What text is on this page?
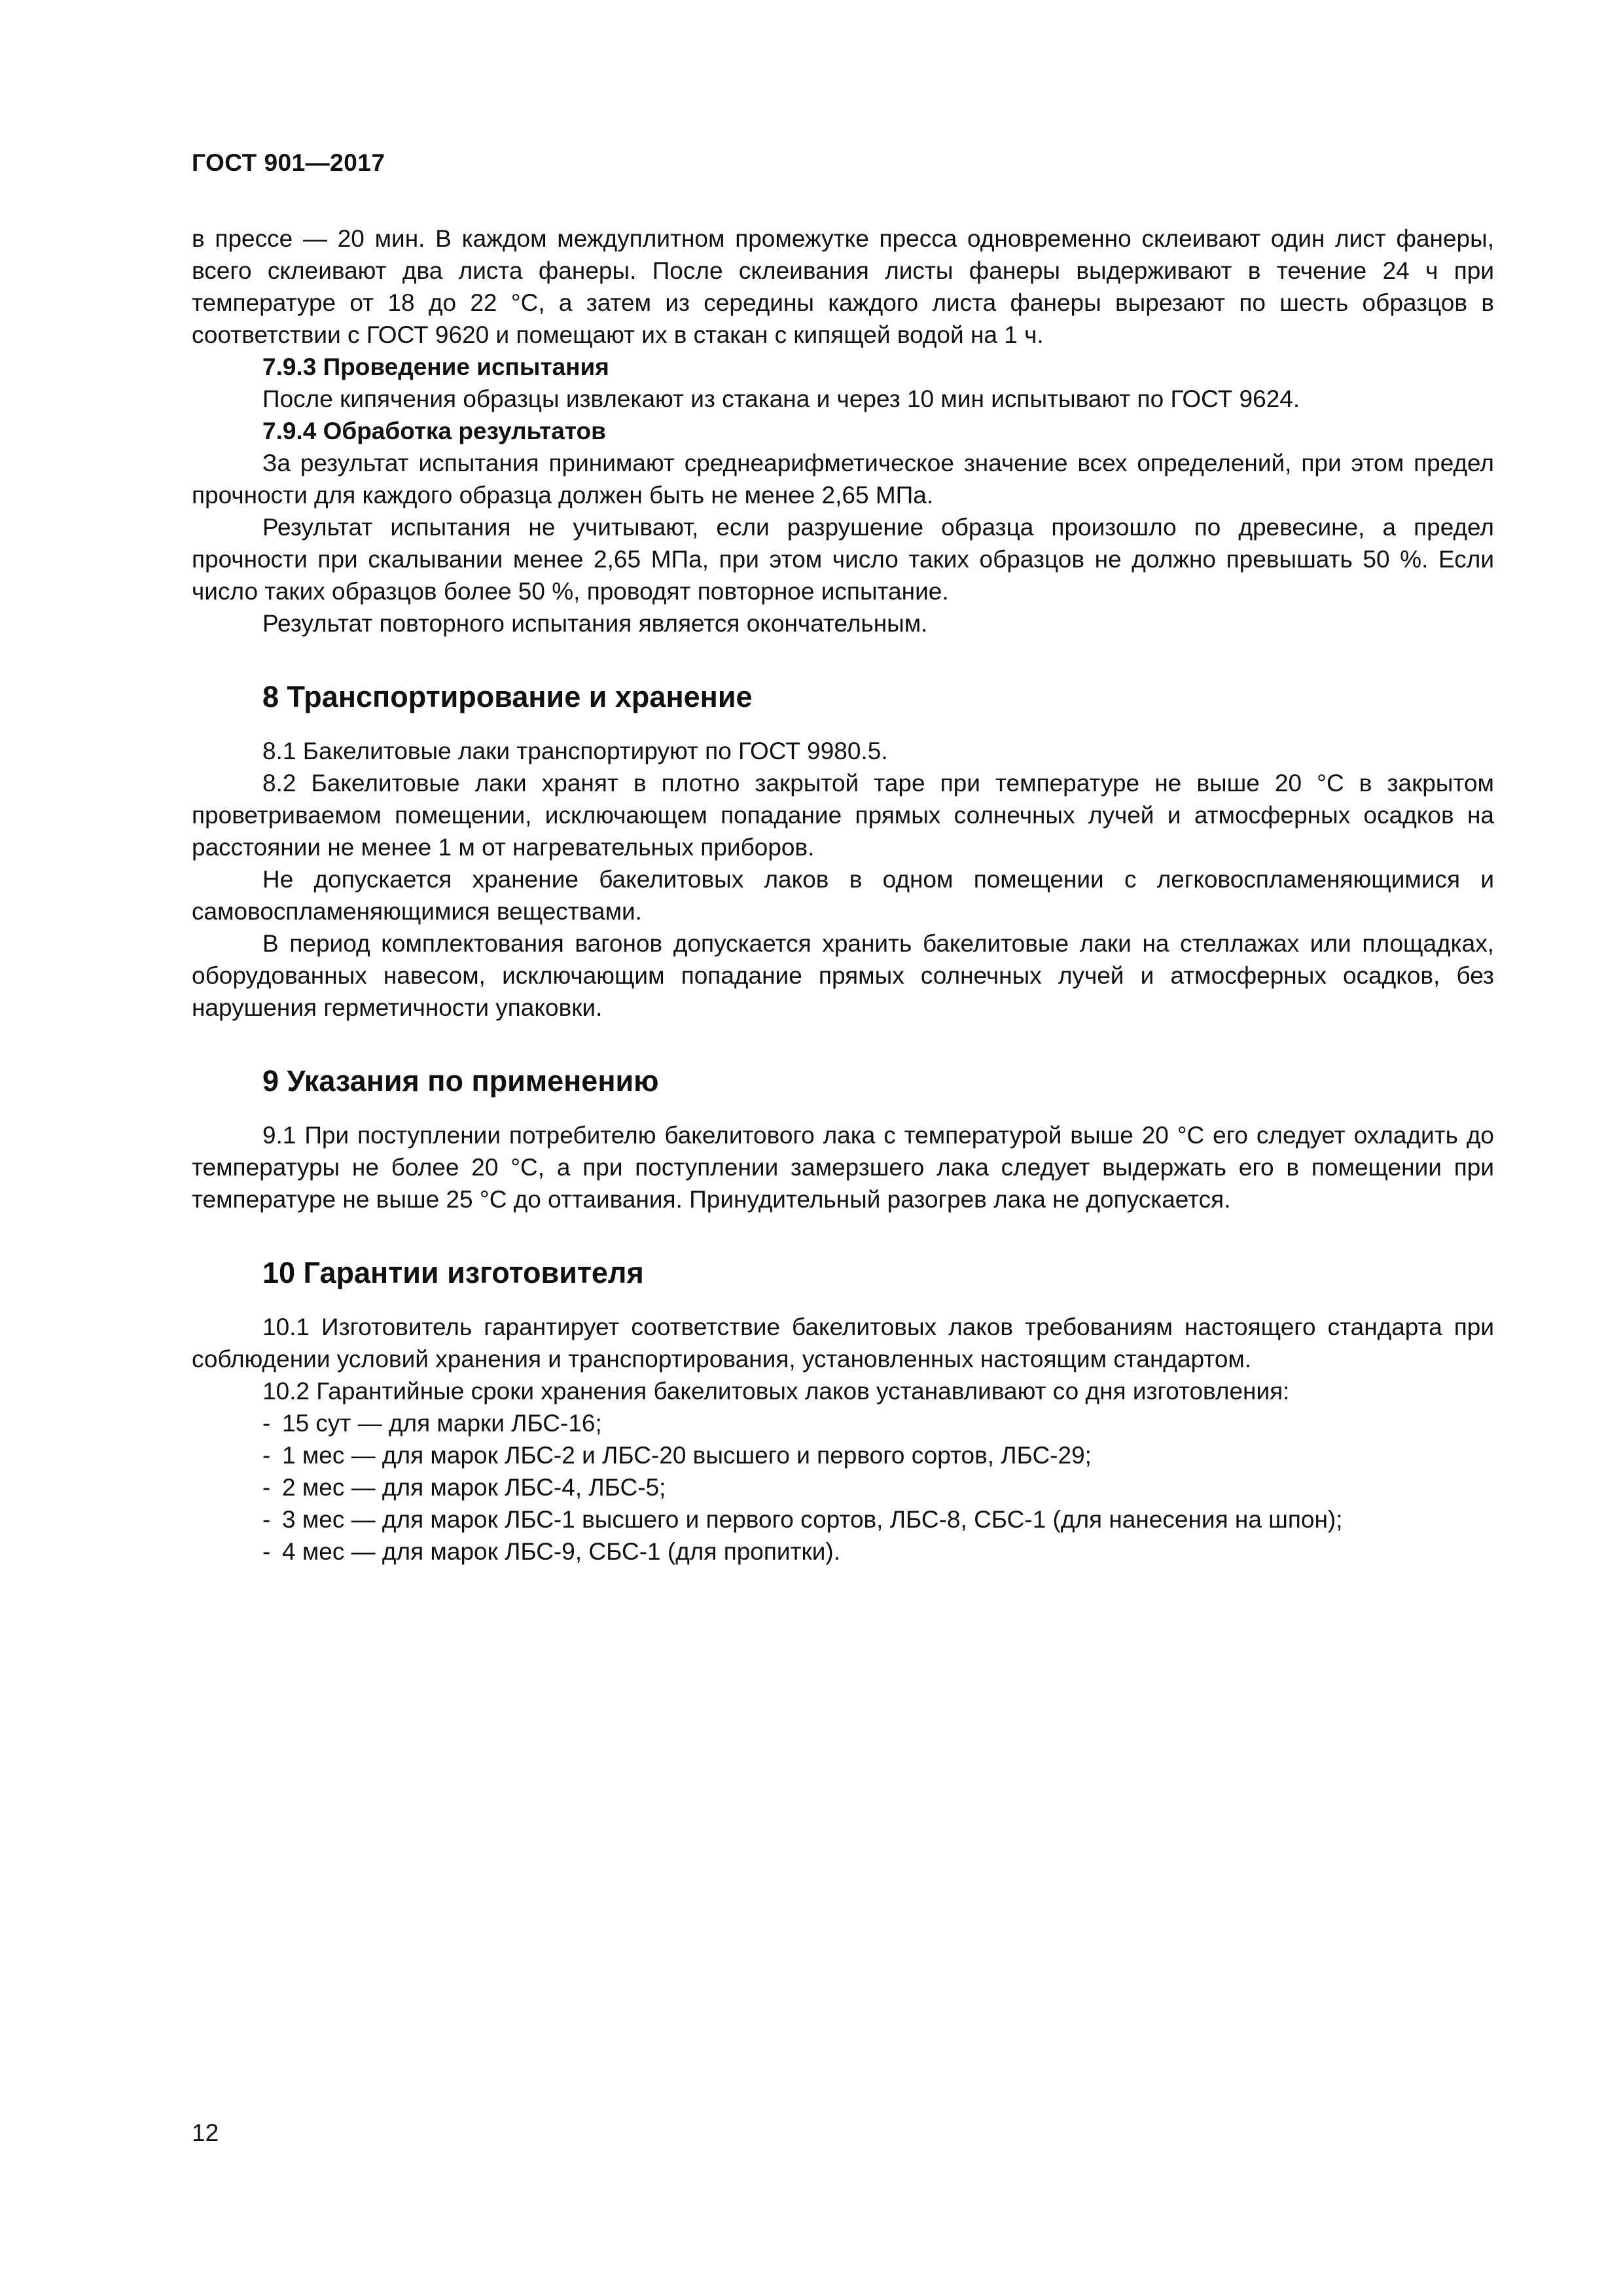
ГОСТ 901—2017

в прессе — 20 мин. В каждом междуплитном промежутке пресса одновременно склеивают один лист фанеры, всего склеивают два листа фанеры. После склеивания листы фанеры выдерживают в течение 24 ч при температуре от 18 до 22 °С, а затем из середины каждого листа фанеры вырезают по шесть образцов в соответствии с ГОСТ 9620 и помещают их в стакан с кипящей водой на 1 ч.

7.9.3 Проведение испытания

После кипячения образцы извлекают из стакана и через 10 мин испытывают по ГОСТ 9624.

7.9.4 Обработка результатов

За результат испытания принимают среднеарифметическое значение всех определений, при этом предел прочности для каждого образца должен быть не менее 2,65 МПа.

Результат испытания не учитывают, если разрушение образца произошло по древесине, а предел прочности при скалывании менее 2,65 МПа, при этом число таких образцов не должно превышать 50 %. Если число таких образцов более 50 %, проводят повторное испытание.

Результат повторного испытания является окончательным.

8 Транспортирование и хранение

8.1 Бакелитовые лаки транспортируют по ГОСТ 9980.5.

8.2 Бакелитовые лаки хранят в плотно закрытой таре при температуре не выше 20 °С в закрытом проветриваемом помещении, исключающем попадание прямых солнечных лучей и атмосферных осадков на расстоянии не менее 1 м от нагревательных приборов.

Не допускается хранение бакелитовых лаков в одном помещении с легковоспламеняющимися и самовоспламеняющимися веществами.

В период комплектования вагонов допускается хранить бакелитовые лаки на стеллажах или площадках, оборудованных навесом, исключающим попадание прямых солнечных лучей и атмосферных осадков, без нарушения герметичности упаковки.

9 Указания по применению

9.1 При поступлении потребителю бакелитового лака с температурой выше 20 °С его следует охладить до температуры не более 20 °С, а при поступлении замерзшего лака следует выдержать его в помещении при температуре не выше 25 °С до оттаивания. Принудительный разогрев лака не допускается.

10 Гарантии изготовителя

10.1 Изготовитель гарантирует соответствие бакелитовых лаков требованиям настоящего стандарта при соблюдении условий хранения и транспортирования, установленных настоящим стандартом.

10.2 Гарантийные сроки хранения бакелитовых лаков устанавливают со дня изготовления:

- 15 сут — для марки ЛБС-16;
- 1 мес — для марок ЛБС-2 и ЛБС-20 высшего и первого сортов, ЛБС-29;
- 2 мес — для марок ЛБС-4, ЛБС-5;
- 3 мес — для марок ЛБС-1 высшего и первого сортов, ЛБС-8, СБС-1 (для нанесения на шпон);
- 4 мес — для марок ЛБС-9, СБС-1 (для пропитки).
12
